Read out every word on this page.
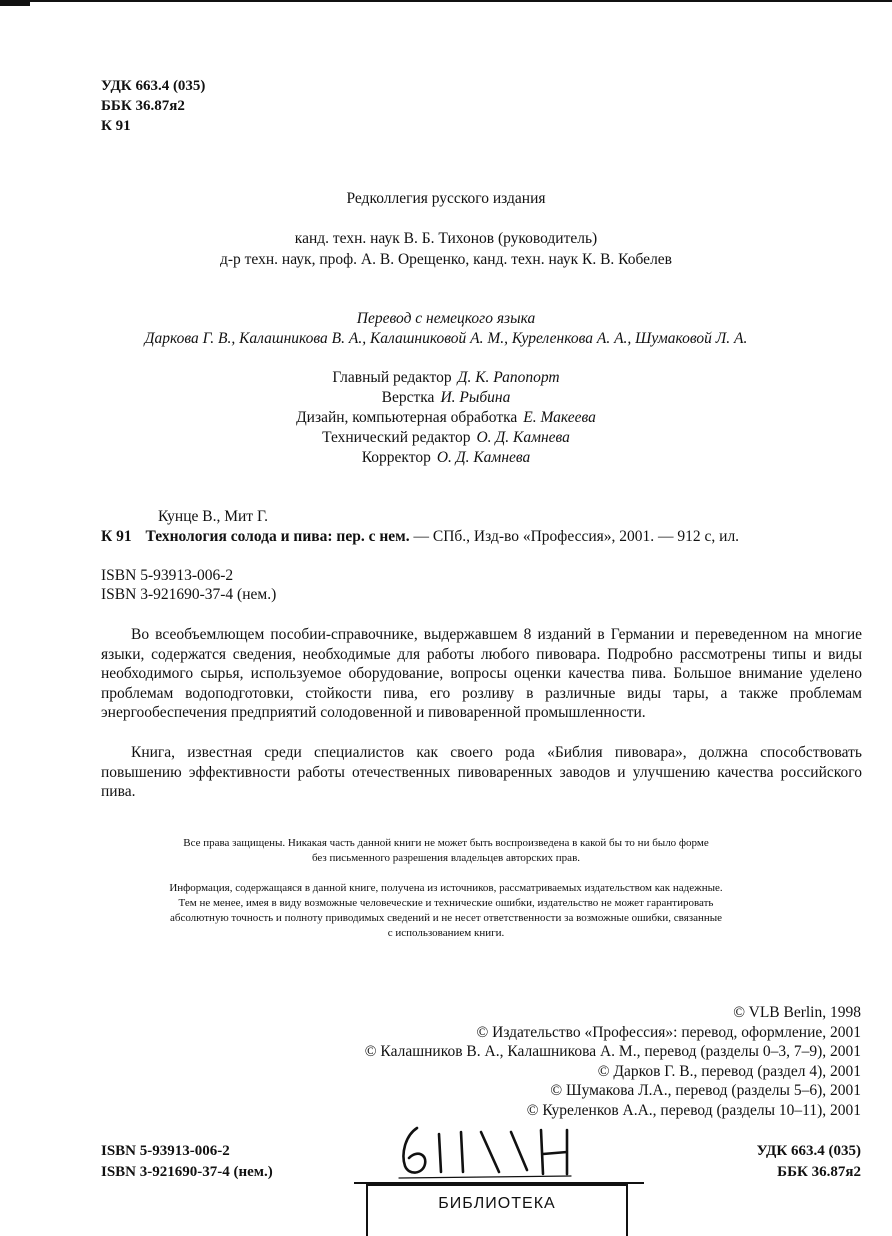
УДК 663.4 (035)
ББК 36.87я2
К 91
Редколлегия русского издания
канд. техн. наук В. Б. Тихонов (руководитель)
д-р техн. наук, проф. А. В. Орещенко, канд. техн. наук К. В. Кобелев
Перевод с немецкого языка
Даркова Г. В., Калашникова В. А., Калашниковой А. М., Куреленкова А. А., Шумаковой Л. А.
Главный редактор Д. К. Рапопорт
Верстка И. Рыбина
Дизайн, компьютерная обработка Е. Макеева
Технический редактор О. Д. Камнева
Корректор О. Д. Камнева
Кунце В., Мит Г.
К 91 Технология солода и пива: пер. с нем. — СПб., Изд-во «Профессия», 2001. — 912 с, ил.
ISBN 5-93913-006-2
ISBN 3-921690-37-4 (нем.)
Во всеобъемлющем пособии-справочнике, выдержавшем 8 изданий в Германии и переведенном на многие языки, содержатся сведения, необходимые для работы любого пивовара. Подробно рассмотрены типы и виды необходимого сырья, используемое оборудование, вопросы оценки качества пива. Большое внимание уделено проблемам водоподготовки, стойкости пива, его розливу в различные виды тары, а также проблемам энергообеспечения предприятий солодовенной и пивоваренной промышленности.
Книга, известная среди специалистов как своего рода «Библия пивовара», должна способствовать повышению эффективности работы отечественных пивоваренных заводов и улучшению качества российского пива.
Все права защищены. Никакая часть данной книги не может быть воспроизведена в какой бы то ни было форме
без письменного разрешения владельцев авторских прав.
Информация, содержащаяся в данной книге, получена из источников, рассматриваемых издательством как надежные.
Тем не менее, имея в виду возможные человеческие и технические ошибки, издательство не может гарантировать
абсолютную точность и полноту приводимых сведений и не несет ответственности за возможные ошибки, связанные
с использованием книги.
© VLB Berlin, 1998
© Издательство «Профессия»: перевод, оформление, 2001
© Калашников В. А., Калашникова А. М., перевод (разделы 0–3, 7–9), 2001
© Дарков Г. В., перевод (раздел 4), 2001
© Шумакова Л.А., перевод (разделы 5–6), 2001
© Куреленков А.А., перевод (разделы 10–11), 2001
ISBN 5-93913-006-2
ISBN 3-921690-37-4 (нем.)
УДК 663.4 (035)
ББК 36.87я2
БИБЛИОТЕКА
